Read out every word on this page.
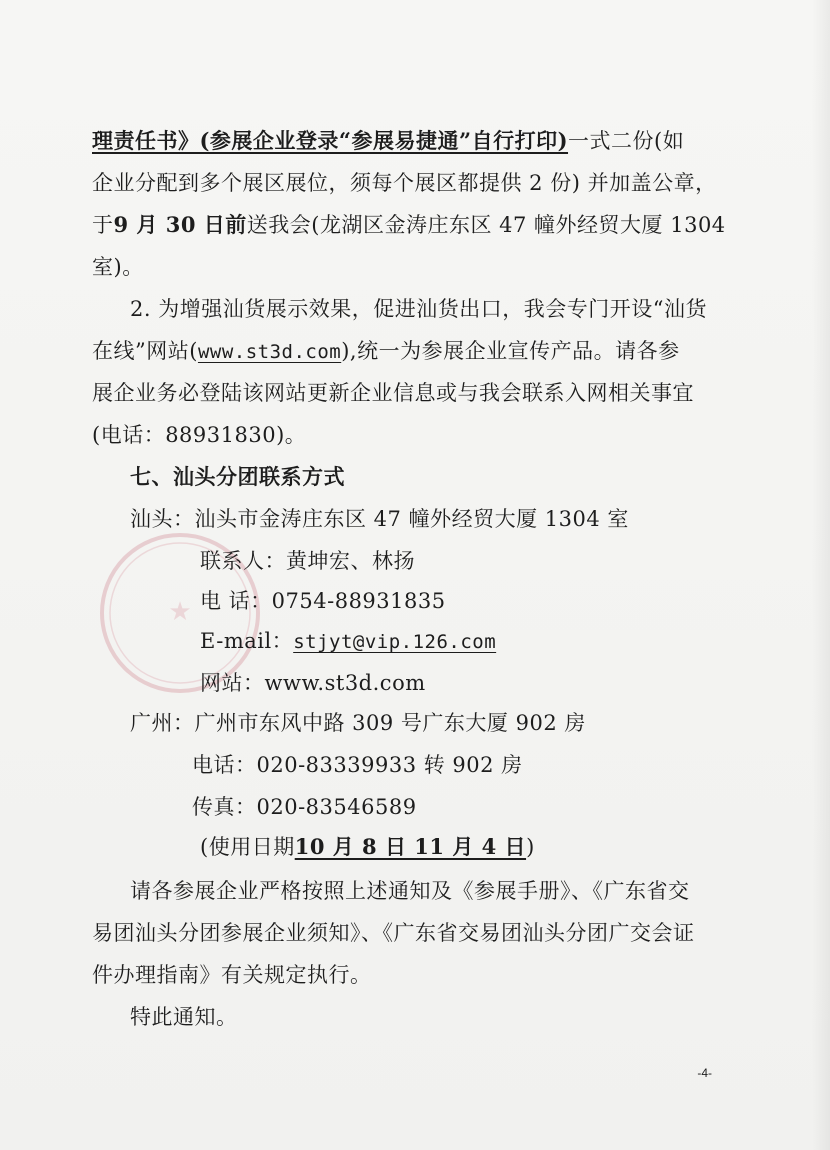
★
理责任书》(参展企业登录“参展易捷通”自行打印)一式二份(如
企业分配到多个展区展位，须每个展区都提供 2 份) 并加盖公章，
于9 月 30 日前送我会(龙湖区金涛庄东区 47 幢外经贸大厦 1304
室)。
2. 为增强汕货展示效果，促进汕货出口，我会专门开设“汕货
在线”网站(www.st3d.com),统一为参展企业宣传产品。请各参
展企业务必登陆该网站更新企业信息或与我会联系入网相关事宜
(电话：88931830)。
七、汕头分团联系方式
汕头：汕头市金涛庄东区 47 幢外经贸大厦 1304 室
联系人：黄坤宏、林扬
电 话：0754-88931835
E-mail：stjyt@vip.126.com
网站：www.st3d.com
广州：广州市东风中路 309 号广东大厦 902 房
电话：020-83339933 转 902 房
传真：020-83546589
(使用日期10 月 8 日 11 月 4 日)
请各参展企业严格按照上述通知及《参展手册》、《广东省交
易团汕头分团参展企业须知》、《广东省交易团汕头分团广交会证
件办理指南》有关规定执行。
特此通知。
-4-
